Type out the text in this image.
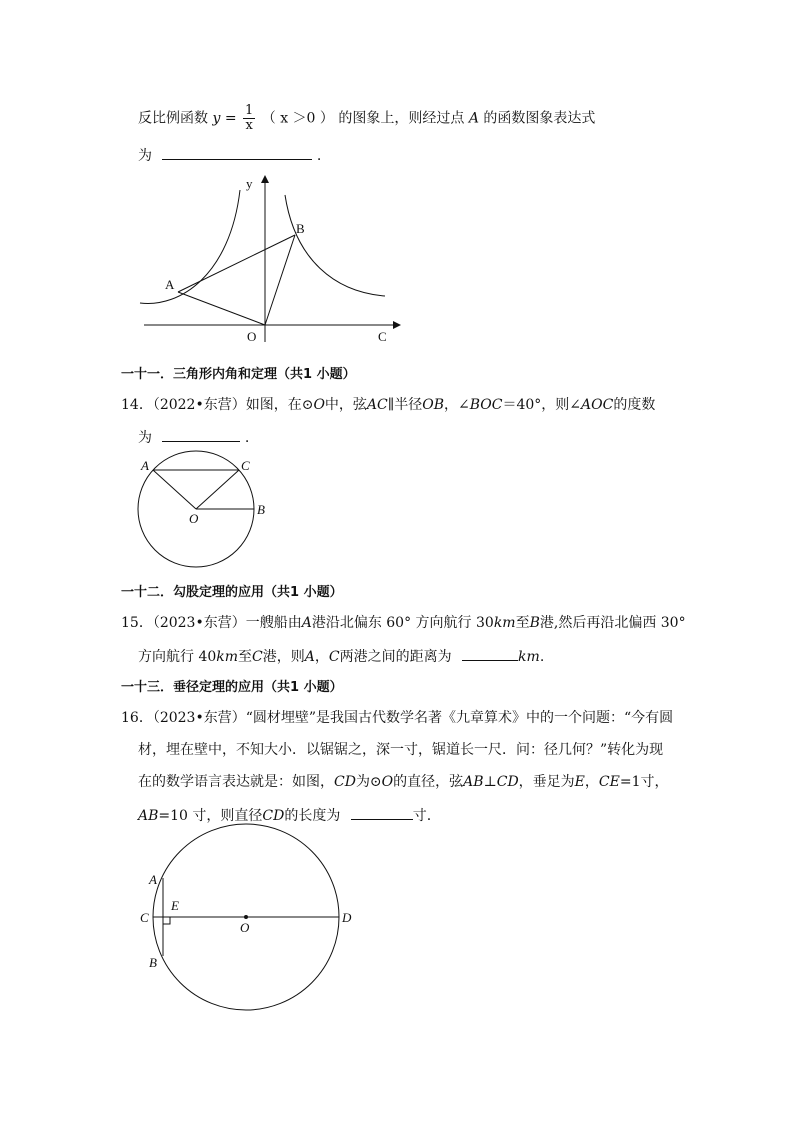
反比例函数 $y = \frac{1}{x}$ （ x ＞0 ） 的图象上，则经过点 A 的函数图象表达式
为	.
y
A
B
O	C
一十一．三角形内角和定理（共1 小题）
14．（2022•东营）如图，在⊙O中，弦AC∥半径OB，∠BOC＝40°，则∠AOC的度数
为	.
A	C
O
B
一十二．勾股定理的应用（共1 小题）
15．（2023•东营）一艘船由A港沿北偏东 60° 方向航行 30km至B港,然后再沿北偏西 30°
方向航行 40km至C港，则A，C两港之间的距离为	km.
一十三．垂径定理的应用（共1 小题）
16．（2023•东营）“圆材埋壁”是我国古代数学名著《九章算术》中的一个问题：“今有圆
材，埋在壁中，不知大小．以锯锯之，深一寸，锯道长一尺．问：径几何？”转化为现
在的数学语言表达就是：如图，CD为⊙O的直径，弦AB⊥CD，垂足为E，CE=1寸，
AB=10 寸，则直径CD的长度为	寸.
A
E
C
O
D
B
